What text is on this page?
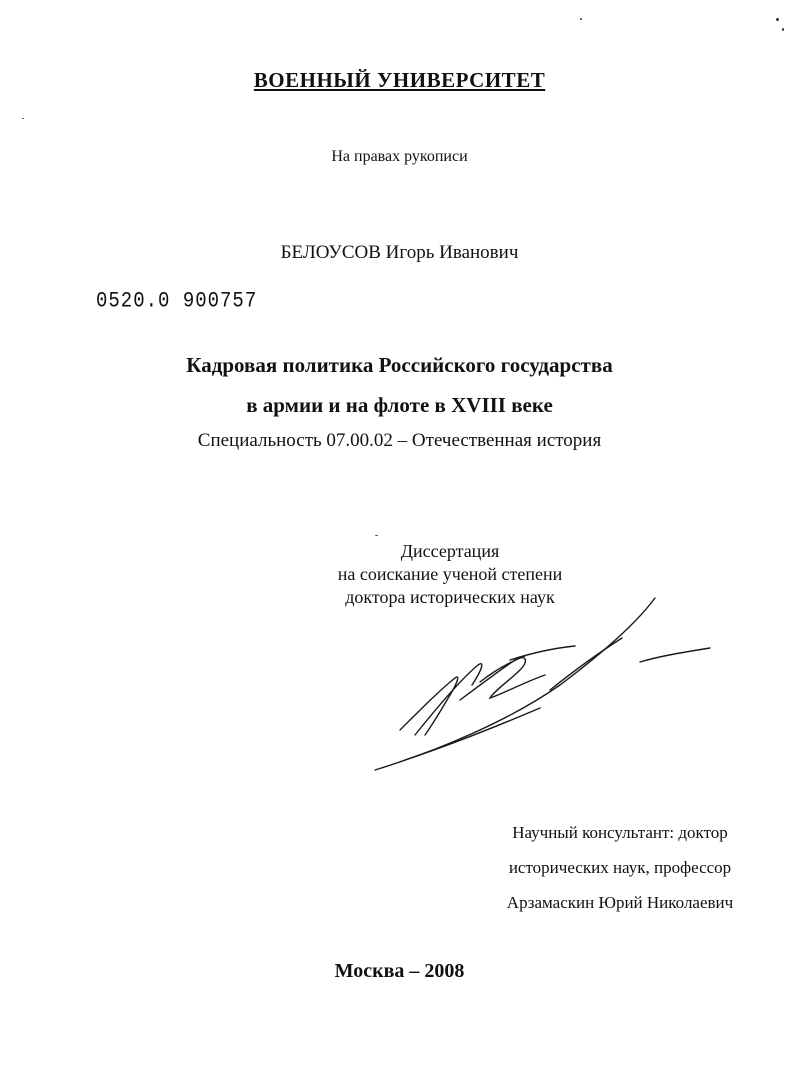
ВОЕННЫЙ УНИВЕРСИТЕТ
На правах рукописи
БЕЛОУСОВ Игорь Иванович
0520.0 900757
Кадровая политика Российского государства
в армии и на флоте в XVIII веке
Специальность 07.00.02 – Отечественная история
Диссертация
на соискание ученой степени
доктора исторических наук
Научный консультант: доктор
исторических наук, профессор
Арзамаскин Юрий Николаевич
Москва – 2008
